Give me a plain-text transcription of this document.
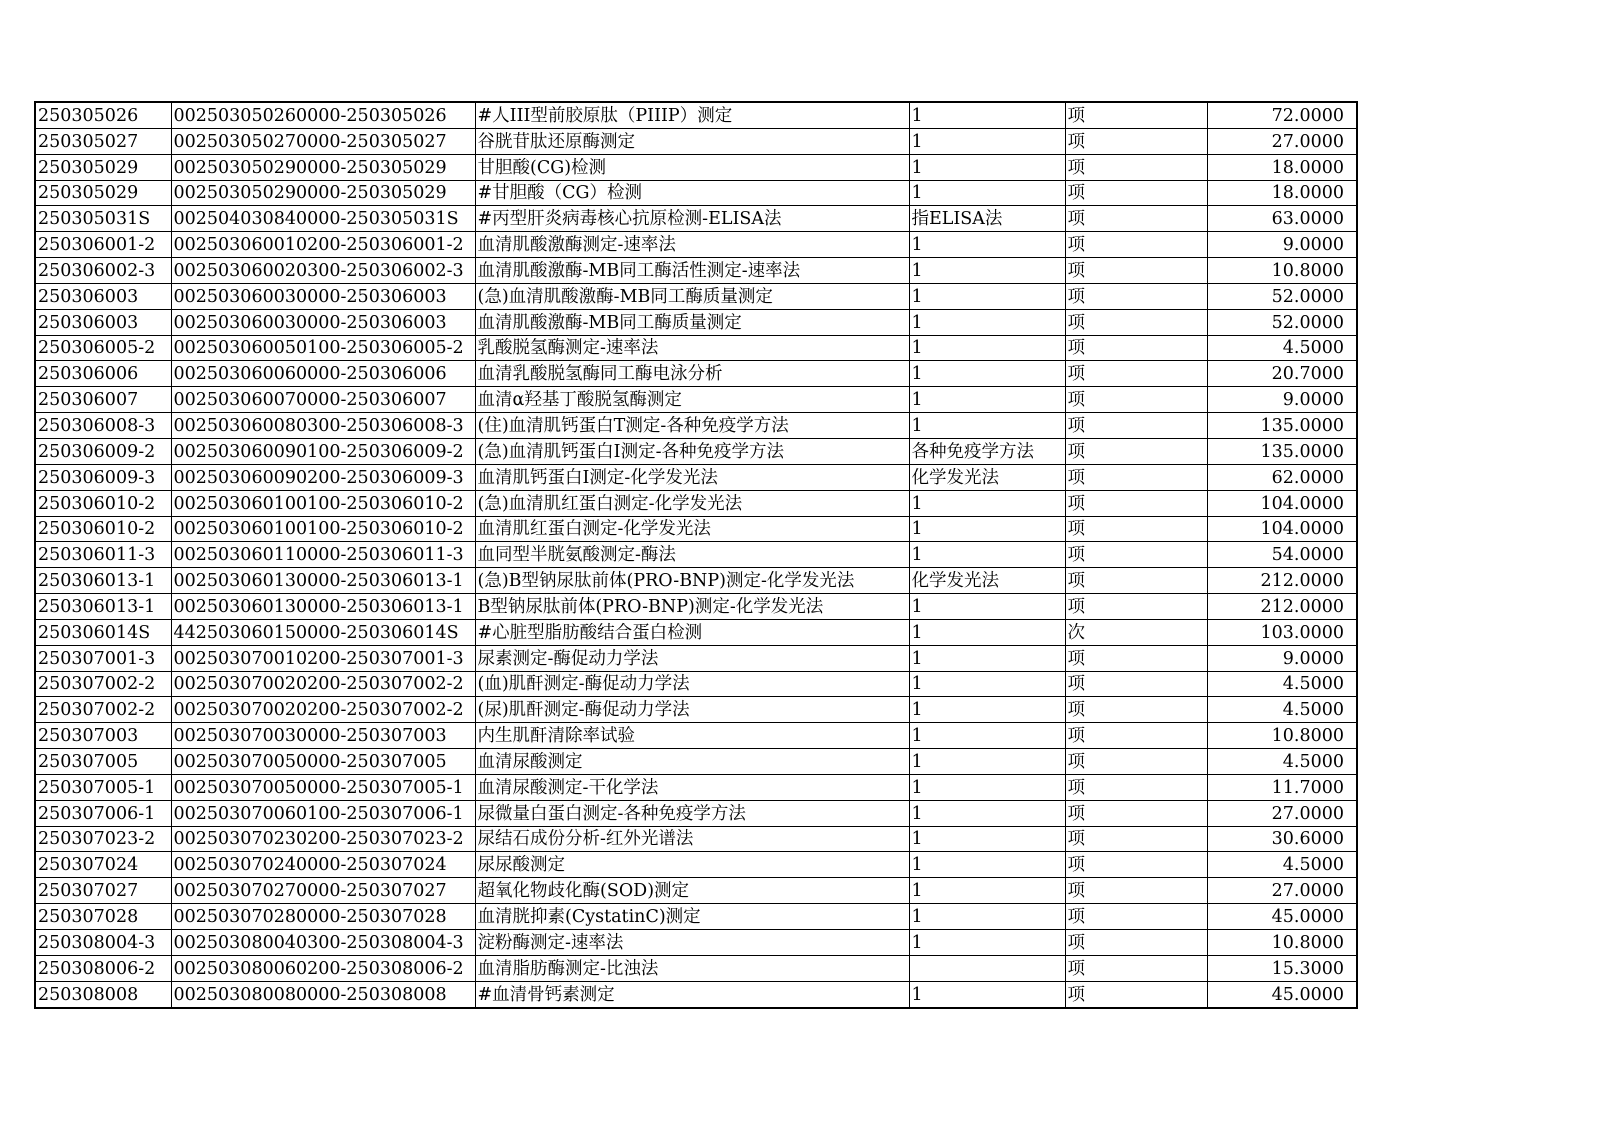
250305026	002503050260000-250305026	#人III型前胶原肽（PIIIP）测定	1	项	72.0000
250305027	002503050270000-250305027	谷胱苷肽还原酶测定	1	项	27.0000
250305029	002503050290000-250305029	甘胆酸(CG)检测	1	项	18.0000
250305029	002503050290000-250305029	#甘胆酸（CG）检测	1	项	18.0000
250305031S	002504030840000-250305031S	#丙型肝炎病毒核心抗原检测-ELISA法	指ELISA法	项	63.0000
250306001-2	002503060010200-250306001-2	血清肌酸激酶测定-速率法	1	项	9.0000
250306002-3	002503060020300-250306002-3	血清肌酸激酶-MB同工酶活性测定-速率法	1	项	10.8000
250306003	002503060030000-250306003	(急)血清肌酸激酶-MB同工酶质量测定	1	项	52.0000
250306003	002503060030000-250306003	血清肌酸激酶-MB同工酶质量测定	1	项	52.0000
250306005-2	002503060050100-250306005-2	乳酸脱氢酶测定-速率法	1	项	4.5000
250306006	002503060060000-250306006	血清乳酸脱氢酶同工酶电泳分析	1	项	20.7000
250306007	002503060070000-250306007	血清α羟基丁酸脱氢酶测定	1	项	9.0000
250306008-3	002503060080300-250306008-3	(住)血清肌钙蛋白T测定-各种免疫学方法	1	项	135.0000
250306009-2	002503060090100-250306009-2	(急)血清肌钙蛋白Ⅰ测定-各种免疫学方法	各种免疫学方法	项	135.0000
250306009-3	002503060090200-250306009-3	血清肌钙蛋白Ⅰ测定-化学发光法	化学发光法	项	62.0000
250306010-2	002503060100100-250306010-2	(急)血清肌红蛋白测定-化学发光法	1	项	104.0000
250306010-2	002503060100100-250306010-2	血清肌红蛋白测定-化学发光法	1	项	104.0000
250306011-3	002503060110000-250306011-3	血同型半胱氨酸测定-酶法	1	项	54.0000
250306013-1	002503060130000-250306013-1	(急)B型钠尿肽前体(PRO-BNP)测定-化学发光法	化学发光法	项	212.0000
250306013-1	002503060130000-250306013-1	B型钠尿肽前体(PRO-BNP)测定-化学发光法	1	项	212.0000
250306014S	442503060150000-250306014S	#心脏型脂肪酸结合蛋白检测	1	次	103.0000
250307001-3	002503070010200-250307001-3	尿素测定-酶促动力学法	1	项	9.0000
250307002-2	002503070020200-250307002-2	(血)肌酐测定-酶促动力学法	1	项	4.5000
250307002-2	002503070020200-250307002-2	(尿)肌酐测定-酶促动力学法	1	项	4.5000
250307003	002503070030000-250307003	内生肌酐清除率试验	1	项	10.8000
250307005	002503070050000-250307005	血清尿酸测定	1	项	4.5000
250307005-1	002503070050000-250307005-1	血清尿酸测定-干化学法	1	项	11.7000
250307006-1	002503070060100-250307006-1	尿微量白蛋白测定-各种免疫学方法	1	项	27.0000
250307023-2	002503070230200-250307023-2	尿结石成份分析-红外光谱法	1	项	30.6000
250307024	002503070240000-250307024	尿尿酸测定	1	项	4.5000
250307027	002503070270000-250307027	超氧化物歧化酶(SOD)测定	1	项	27.0000
250307028	002503070280000-250307028	血清胱抑素(CystatinC)测定	1	项	45.0000
250308004-3	002503080040300-250308004-3	淀粉酶测定-速率法	1	项	10.8000
250308006-2	002503080060200-250308006-2	血清脂肪酶测定-比浊法		项	15.3000
250308008	002503080080000-250308008	#血清骨钙素测定	1	项	45.0000
